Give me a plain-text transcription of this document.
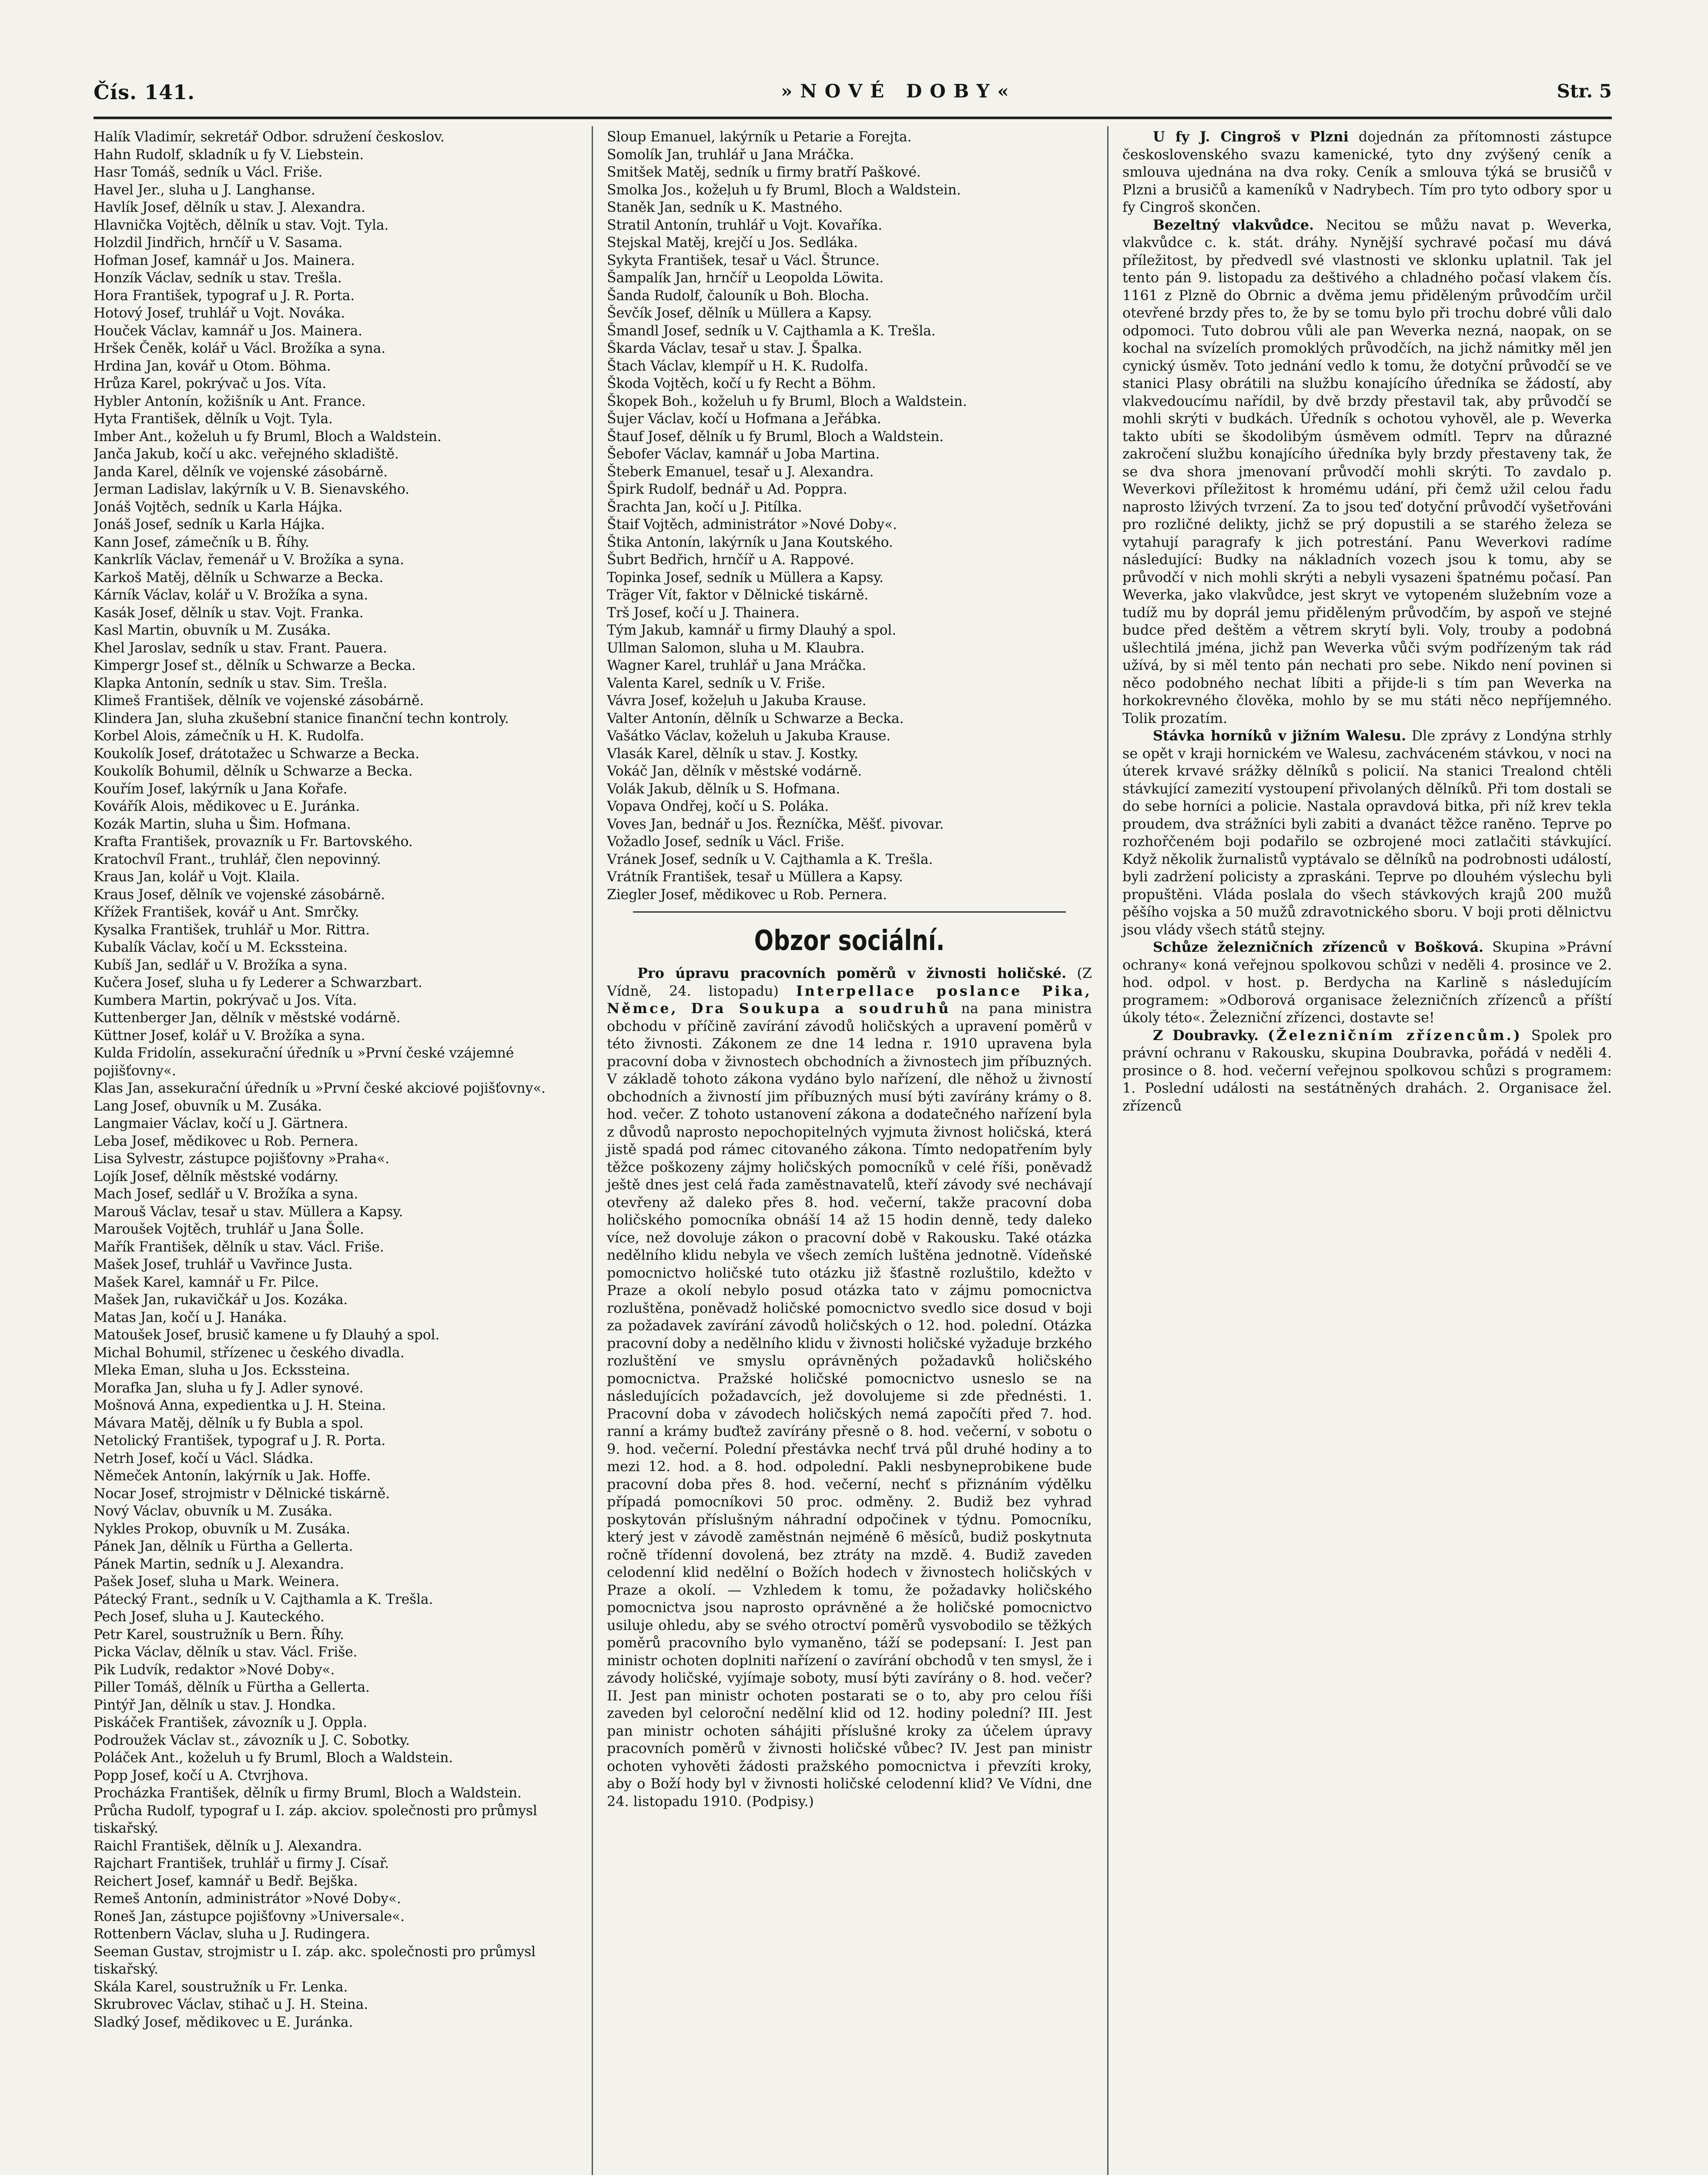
Čís. 141.	»NOVÉ DOBY«	Str. 5
Halík Vladimír, sekretář Odbor. sdružení českoslov.
Hahn Rudolf, skladník u fy V. Liebstein.
Hasr Tomáš, sedník u Václ. Friše.
Havel Jer., sluha u J. Langhanse.
Havlík Josef, dělník u stav. J. Alexandra.
Hlavnička Vojtěch, dělník u stav. Vojt. Tyla.
Holzdil Jindřich, hrnčíř u V. Sasama.
Hofman Josef, kamnář u Jos. Mainera.
Honzík Václav, sedník u stav. Trešla.
Hora František, typograf u J. R. Porta.
Hotový Josef, truhlář u Vojt. Nováka.
Houček Václav, kamnář u Jos. Mainera.
Hršek Čeněk, kolář u Václ. Brožíka a syna.
Hrdina Jan, kovář u Otom. Böhma.
Hrůza Karel, pokrývač u Jos. Víta.
Hybler Antonín, kožišník u Ant. France.
Hyta František, dělník u Vojt. Tyla.
Imber Ant., koželuh u fy Bruml, Bloch a Waldstein.
Janča Jakub, kočí u akc. veřejného skladiště.
Janda Karel, dělník ve vojenské zásobárně.
Jerman Ladislav, lakýrník u V. B. Sienavského.
Jonáš Vojtěch, sedník u Karla Hájka.
Jonáš Josef, sedník u Karla Hájka.
Kann Josef, zámečník u B. Říhy.
Kankrlík Václav, řemenář u V. Brožíka a syna.
Karkoš Matěj, dělník u Schwarze a Becka.
Kárník Václav, kolář u V. Brožíka a syna.
Kasák Josef, dělník u stav. Vojt. Franka.
Kasl Martin, obuvník u M. Zusáka.
Khel Jaroslav, sedník u stav. Frant. Pauera.
Kimpergr Josef st., dělník u Schwarze a Becka.
Klapka Antonín, sedník u stav. Sim. Trešla.
Klimeš František, dělník ve vojenské zásobárně.
Klindera Jan, sluha zkušební stanice finanční techn kontroly.
Korbel Alois, zámečník u H. K. Rudolfa.
Koukolík Josef, drátotažec u Schwarze a Becka.
Koukolík Bohumil, dělník u Schwarze a Becka.
Kouřím Josef, lakýrník u Jana Kořafe.
Kovářík Alois, mědikovec u E. Juránka.
Kozák Martin, sluha u Šim. Hofmana.
Krafta František, provazník u Fr. Bartovského.
Kratochvíl Frant., truhlář, člen nepovinný.
Kraus Jan, kolář u Vojt. Klaila.
Kraus Josef, dělník ve vojenské zásobárně.
Křížek František, kovář u Ant. Smrčky.
Kysalka František, truhlář u Mor. Rittra.
Kubalík Václav, kočí u M. Eckssteina.
Kubíš Jan, sedlář u V. Brožíka a syna.
Kučera Josef, sluha u fy Lederer a Schwarzbart.
Kumbera Martin, pokrývač u Jos. Víta.
Kuttenberger Jan, dělník v městské vodárně.
Küttner Josef, kolář u V. Brožíka a syna.
Kulda Fridolín, assekurační úředník u »První české vzájemné pojišťovny«.
Klas Jan, assekurační úředník u »První české akciové pojišťovny«.
Lang Josef, obuvník u M. Zusáka.
Langmaier Václav, kočí u J. Gärtnera.
Leba Josef, mědikovec u Rob. Pernera.
Lisa Sylvestr, zástupce pojišťovny »Praha«.
Lojík Josef, dělník městské vodárny.
Mach Josef, sedlář u V. Brožíka a syna.
Marouš Václav, tesař u stav. Müllera a Kapsy.
Maroušek Vojtěch, truhlář u Jana Šolle.
Mařík František, dělník u stav. Václ. Friše.
Mašek Josef, truhlář u Vavřince Justa.
Mašek Karel, kamnář u Fr. Pilce.
Mašek Jan, rukavičkář u Jos. Kozáka.
Matas Jan, kočí u J. Hanáka.
Matoušek Josef, brusič kamene u fy Dlauhý a spol.
Michal Bohumil, střízenec u českého divadla.
Mleka Eman, sluha u Jos. Eckssteina.
Morafka Jan, sluha u fy J. Adler synové.
Mošnová Anna, expedientka u J. H. Steina.
Mávara Matěj, dělník u fy Bubla a spol.
Netolický František, typograf u J. R. Porta.
Netrh Josef, kočí u Václ. Sládka.
Němeček Antonín, lakýrník u Jak. Hoffe.
Nocar Josef, strojmistr v Dělnické tiskárně.
Nový Václav, obuvník u M. Zusáka.
Nykles Prokop, obuvník u M. Zusáka.
Pánek Jan, dělník u Fürtha a Gellerta.
Pánek Martin, sedník u J. Alexandra.
Pašek Josef, sluha u Mark. Weinera.
Pátecký Frant., sedník u V. Cajthamla a K. Trešla.
Pech Josef, sluha u J. Kauteckého.
Petr Karel, soustružník u Bern. Říhy.
Picka Václav, dělník u stav. Václ. Friše.
Pik Ludvík, redaktor »Nové Doby«.
Piller Tomáš, dělník u Fürtha a Gellerta.
Pintýř Jan, dělník u stav. J. Hondka.
Piskáček František, závozník u J. Oppla.
Podroužek Václav st., závozník u J. C. Sobotky.
Poláček Ant., koželuh u fy Bruml, Bloch a Waldstein.
Popp Josef, kočí u A. Ctvrjhova.
Procházka František, dělník u firmy Bruml, Bloch a Waldstein.
Průcha Rudolf, typograf u I. záp. akciov. společnosti pro průmysl tiskařský.
Raichl František, dělník u J. Alexandra.
Rajchart František, truhlář u firmy J. Císař.
Reichert Josef, kamnář u Bedř. Bejška.
Remeš Antonín, administrátor »Nové Doby«.
Roneš Jan, zástupce pojišťovny »Universale«.
Rottenbern Václav, sluha u J. Rudingera.
Seeman Gustav, strojmistr u I. záp. akc. společnosti pro průmysl tiskařský.
Skála Karel, soustružník u Fr. Lenka.
Skrubrovec Václav, stihač u J. H. Steina.
Sladký Josef, mědikovec u E. Juránka.
Sloup Emanuel, lakýrník u Petarie a Forejta.
Somolík Jan, truhlář u Jana Mráčka.
Smitšek Matěj, sedník u firmy bratří Paškové.
Smolka Jos., kožeļuh u fy Bruml, Bloch a Waldstein.
Staněk Jan, sedník u K. Mastného.
Stratil Antonín, truhlář u Vojt. Kovaříka.
Stejskal Matěj, krejčí u Jos. Sedláka.
Sykyta František, tesař u Václ. Štrunce.
Šampalík Jan, hrnčíř u Leopolda Löwita.
Šanda Rudolf, čalouník u Boh. Blocha.
Ševčík Josef, dělník u Müllera a Kapsy.
Šmandl Josef, sedník u V. Cajthamla a K. Trešla.
Škarda Václav, tesař u stav. J. Špalka.
Štach Václav, klempíř u H. K. Rudolfa.
Škoda Vojtěch, kočí u fy Recht a Böhm.
Škopek Boh., koželuh u fy Bruml, Bloch a Waldstein.
Šujer Václav, kočí u Hofmana a Jeřábka.
Štauf Josef, dělník u fy Bruml, Bloch a Waldstein.
Šebofer Václav, kamnář u Joba Martina.
Šteberk Emanuel, tesař u J. Alexandra.
Špirk Rudolf, bednář u Ad. Poppra.
Šrachta Jan, kočí u J. Pitílka.
Štaif Vojtěch, administrátor »Nové Doby«.
Štika Antonín, lakýrník u Jana Koutského.
Šubrt Bedřich, hrnčíř u A. Rappové.
Topinka Josef, sedník u Müllera a Kapsy.
Träger Vít, faktor v Dělnické tiskárně.
Trš Josef, kočí u J. Thainera.
Tým Jakub, kamnář u firmy Dlauhý a spol.
Ullman Salomon, sluha u M. Klaubra.
Wagner Karel, truhlář u Jana Mráčka.
Valenta Karel, sedník u V. Friše.
Vávra Josef, kožeļuh u Jakuba Krause.
Valter Antonín, dělník u Schwarze a Becka.
Vašátko Václav, koželuh u Jakuba Krause.
Vlasák Karel, dělník u stav. J. Kostky.
Vokáč Jan, dělník v městské vodárně.
Volák Jakub, dělník u S. Hofmana.
Vopava Ondřej, kočí u S. Poláka.
Voves Jan, bednář u Jos. Řezníčka, Měšť. pivovar.
Vožadlo Josef, sedník u Václ. Friše.
Vránek Josef, sedník u V. Cajthamla a K. Trešla.
Vrátník František, tesař u Müllera a Kapsy.
Ziegler Josef, mědikovec u Rob. Pernera.
Obzor sociální.

Pro úpravu pracovních poměrů v živnosti holičské. (Z Vídně, 24. listopadu) Interpellace poslance Pika, Němce, Dra Soukupa a soudruhů na pana ministra obchodu v příčině zavírání závodů holičských a upravení poměrů v této živnosti. Zákonem ze dne 14 ledna r. 1910 upravena byla pracovní doba v živnostech obchodních a živnostech jim příbuzných. V základě tohoto zákona vydáno bylo nařízení, dle něhož u živností obchodních a živností jim příbuzných musí býti zavírány krámy o 8. hod. večer. Z tohoto ustanovení zákona a dodatečného nařízení byla z důvodů naprosto nepochopitelných vyjmuta živnost holičská, která jistě spadá pod rámec citovaného zákona. Tímto nedopatřením byly těžce poškozeny zájmy holičských pomocníků v celé říši, poněvadž ještě dnes jest celá řada zaměstnavatelů, kteří závody své nechávají otevřeny až daleko přes 8. hod. večerní, takže pracovní doba holičského pomocníka obnáší 14 až 15 hodin denně, tedy daleko více, než dovoluje zákon o pracovní době v Rakousku. Také otázka nedělního klidu nebyla ve všech zemích luštěna jednotně. Vídeňské pomocnictvo holičské tuto otázku již šťastně rozluštilo, kdežto v Praze a okolí nebylo posud otázka tato v zájmu pomocnictva rozluštěna, poněvadž holičské pomocnictvo svedlo sice dosud v boji za požadavek zavírání závodů holičských o 12. hod. polední. Otázka pracovní doby a nedělního klidu v živnosti holičské vyžaduje brzkého rozluštění ve smyslu oprávněných požadavků holičského pomocnictva. Pražské holičské pomocnictvo usneslo se na následujících požadavcích, jež dovolujeme si zde přednésti. 1. Pracovní doba v závodech holičských nemá započíti před 7. hod. ranní a krámy buďtež zavírány přesně o 8. hod. večerní, v sobotu o 9. hod. večerní. Polední přestávka nechť trvá půl druhé hodiny a to mezi 12. hod. a 8. hod. odpolední. Pakli nesbyneprobikene bude pracovní doba přes 8. hod. večerní, nechť s přiznáním výdělku případá pomocníkovi 50 proc. odměny. 2. Budiž bez vyhrad poskytován příslušným náhradní odpočinek v týdnu. Pomocníku, který jest v závodě zaměstnán nejméně 6 měsíců, budiž poskytnuta ročně třídenní dovolená, bez ztráty na mzdě. 4. Budiž zaveden celodenní klid nedělní o Božích hodech v živnostech holičských v Praze a okolí. — Vzhledem k tomu, že požadavky holičského pomocnictva jsou naprosto oprávněné a že holičské pomocnictvo usiluje ohledu, aby se svého otroctví poměrů vysvobodilo se těžkých poměrů pracovního bylo vymaněno, táží se podepsaní: I. Jest pan ministr ochoten doplniti nařízení o zavírání obchodů v ten smysl, že i závody holičské, vyjímaje soboty, musí býti zavírány o 8. hod. večer? II. Jest pan ministr ochoten postarati se o to, aby pro celou říši zaveden byl celoroční nedělní klid od 12. hodiny polední? III. Jest pan ministr ochoten sáhájiti příslušné kroky za účelem úpravy pracovních poměrů v živnosti holičské vůbec? IV. Jest pan ministr ochoten vyhověti žádosti pražského pomocnictva i převzíti kroky, aby o Boží hody byl v živnosti holičské celodenní klid? Ve Vídni, dne 24. listopadu 1910. (Podpisy.)

U fy J. Cingroš v Plzni dojednán za přítomnosti zástupce československého svazu kamenické, tyto dny zvýšený ceník a smlouva ujednána na dva roky. Ceník a smlouva týká se brusičů v Plzni a brusičů a kameníků v Nadrybech. Tím pro tyto odbory spor u fy Cingroš skončen.

Bezeltný vlakvůdce. Necitou se můžu navat p. Weverka, vlakvůdce c. k. stát. dráhy. Nynější sychravé počasí mu dává příležitost, by předvedl své vlastnosti ve sklonku uplatnil. Tak jel tento pán 9. listopadu za deštivého a chladného počasí vlakem čís. 1161 z Plzně do Obrnic a dvěma jemu přiděleným průvodčím určil otevřené brzdy přes to, že by se tomu bylo při trochu dobré vůli dalo odpomoci. Tuto dobrou vůli ale pan Weverka nezná, naopak, on se kochal na svízelích promoklých průvodčích, na jichž námitky měl jen cynický úsměv. Toto jednání vedlo k tomu, že dotyční průvodčí se ve stanici Plasy obrátili na službu konajícího úředníka se žádostí, aby vlakvedoucímu nařídil, by dvě brzdy přestavil tak, aby průvodčí se mohli skrýti v budkách. Úředník s ochotou vyhověl, ale p. Weverka takto ubíti se škodolibým úsměvem odmítl. Teprv na důrazné zakročení službu konajícího úředníka byly brzdy přestaveny tak, že se dva shora jmenovaní průvodčí mohli skrýti. To zavdalo p. Weverkovi příležitost k hromému udání, při čemž užil celou řadu naprosto lživých tvrzení. Za to jsou teď dotyční průvodčí vyšetřováni pro rozličné delikty, jichž se prý dopustili a se starého železa se vytahují paragrafy k jich potrestání. Panu Weverkovi radíme následující: Budky na nákladních vozech jsou k tomu, aby se průvodčí v nich mohli skrýti a nebyli vysazeni špatnému počasí. Pan Weverka, jako vlakvůdce, jest skryt ve vytopeném služebním voze a tudíž mu by doprál jemu přiděleným průvodčím, by aspoň ve stejné budce před deštěm a větrem skrytí byli. Voly, trouby a podobná ušlechtilá jména, jichž pan Weverka vůči svým podřízeným tak rád užívá, by si měl tento pán nechati pro sebe. Nikdo není povinen si něco podobného nechat líbiti a přijde-li s tím pan Weverka na horkokrevného člověka, mohlo by se mu státi něco nepříjemného. Tolik prozatím.

Stávka horníků v jižním Walesu. Dle zprávy z Londýna strhly se opět v kraji hornickém ve Walesu, zachváceném stávkou, v noci na úterek krvavé srážky dělníků s policií. Na stanici Trealond chtěli stávkující zamezití vystoupení přivolaných dělníků. Při tom dostali se do sebe horníci a policie. Nastala opravdová bitka, při níž krev tekla proudem, dva strážníci byli zabiti a dvanáct těžce raněno. Teprve po rozhořčeném boji podařilo se ozbrojené moci zatlačiti stávkující. Když několik žurnalistů vyptávalo se dělníků na podrobnosti událostí, byli zadržení policisty a zpraskáni. Teprve po dlouhém výslechu byli propuštěni. Vláda poslala do všech stávkových krajů 200 mužů pěšího vojska a 50 mužů zdravotnického sboru. V boji proti dělnictvu jsou vlády všech států stejny.

Schůze železničních zřízenců v Bošková. Skupina »Právní ochrany« koná veřejnou spolkovou schůzi v neděli 4. prosince ve 2. hod. odpol. v host. p. Berdycha na Karlině s následujícím programem: »Odborová organisace železničních zřízenců a příští úkoly této«. Železniční zřízenci, dostavte se!

Z Doubravky. (Železničním zřízencům.) Spolek pro právní ochranu v Rakousku, skupina Doubravka, pořádá v neděli 4. prosince o 8. hod. večerní veřejnou spolkovou schůzi s programem: 1. Poslední události na sestátněných drahách. 2. Organisace žel. zřízenců
